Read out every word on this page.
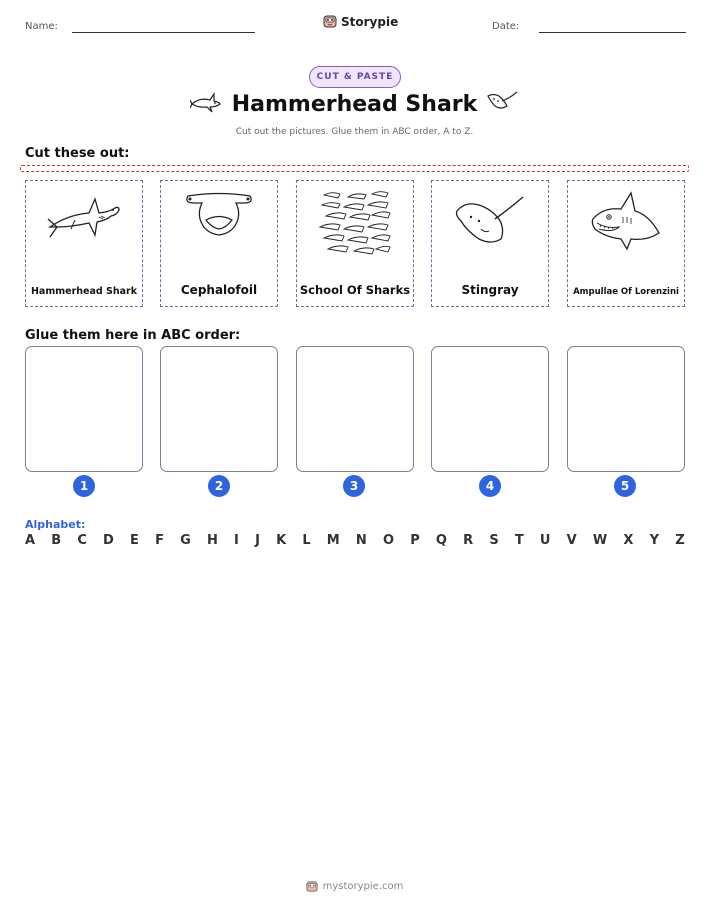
Name:	Storypie	Date:
CUT & PASTE
Hammerhead Shark
Cut out the pictures. Glue them in ABC order, A to Z.
Cut these out:
Hammerhead Shark	Cephalofoil	School Of Sharks	Stingray	Ampullae Of Lorenzini
Glue them here in ABC order:
1	2	3	4	5
Alphabet:
A B C D E F G H I J K L M N O P Q R S T U V W X Y Z
mystorypie.com
